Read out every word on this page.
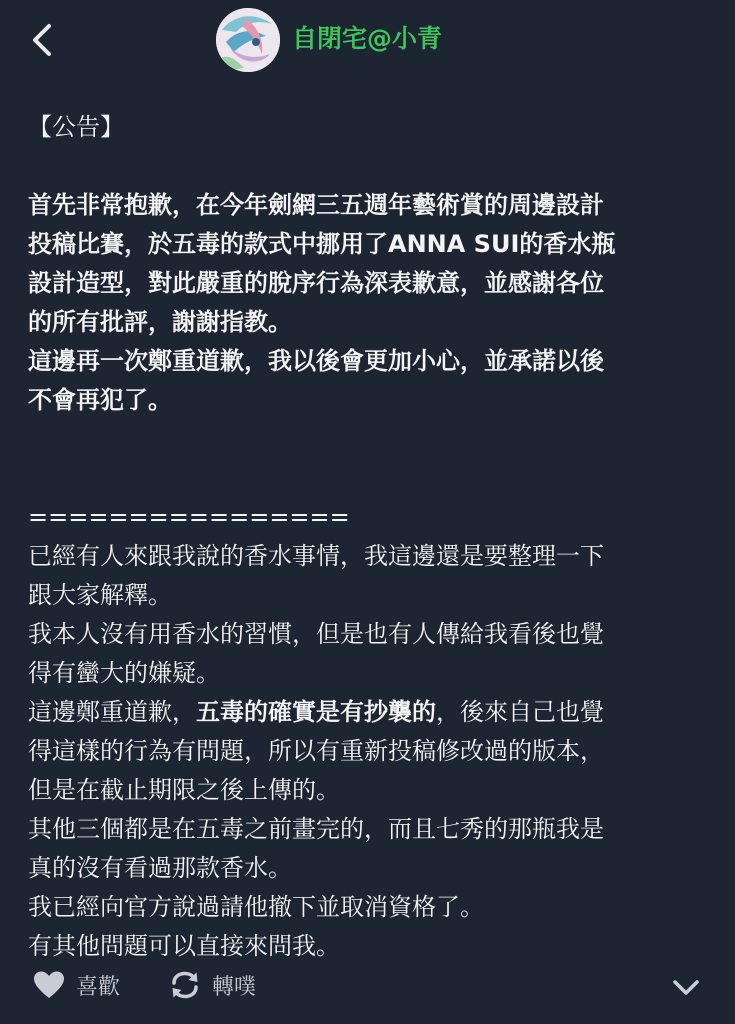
自閉宅@小青
【公告】
首先非常抱歉，在今年劍網三五週年藝術賞的周邊設計
投稿比賽，於五毒的款式中挪用了ANNA SUI的香水瓶
設計造型，對此嚴重的脫序行為深表歉意，並感謝各位
的所有批評，謝謝指教。
這邊再一次鄭重道歉，我以後會更加小心，並承諾以後
不會再犯了。
================
已經有人來跟我說的香水事情，我這邊還是要整理一下
跟大家解釋。
我本人沒有用香水的習慣，但是也有人傳給我看後也覺
得有蠻大的嫌疑。
這邊鄭重道歉，五毒的確實是有抄襲的，後來自己也覺
得這樣的行為有問題，所以有重新投稿修改過的版本，
但是在截止期限之後上傳的。
其他三個都是在五毒之前畫完的，而且七秀的那瓶我是
真的沒有看過那款香水。
我已經向官方說過請他撤下並取消資格了。
有其他問題可以直接來問我。
喜歡	轉噗
